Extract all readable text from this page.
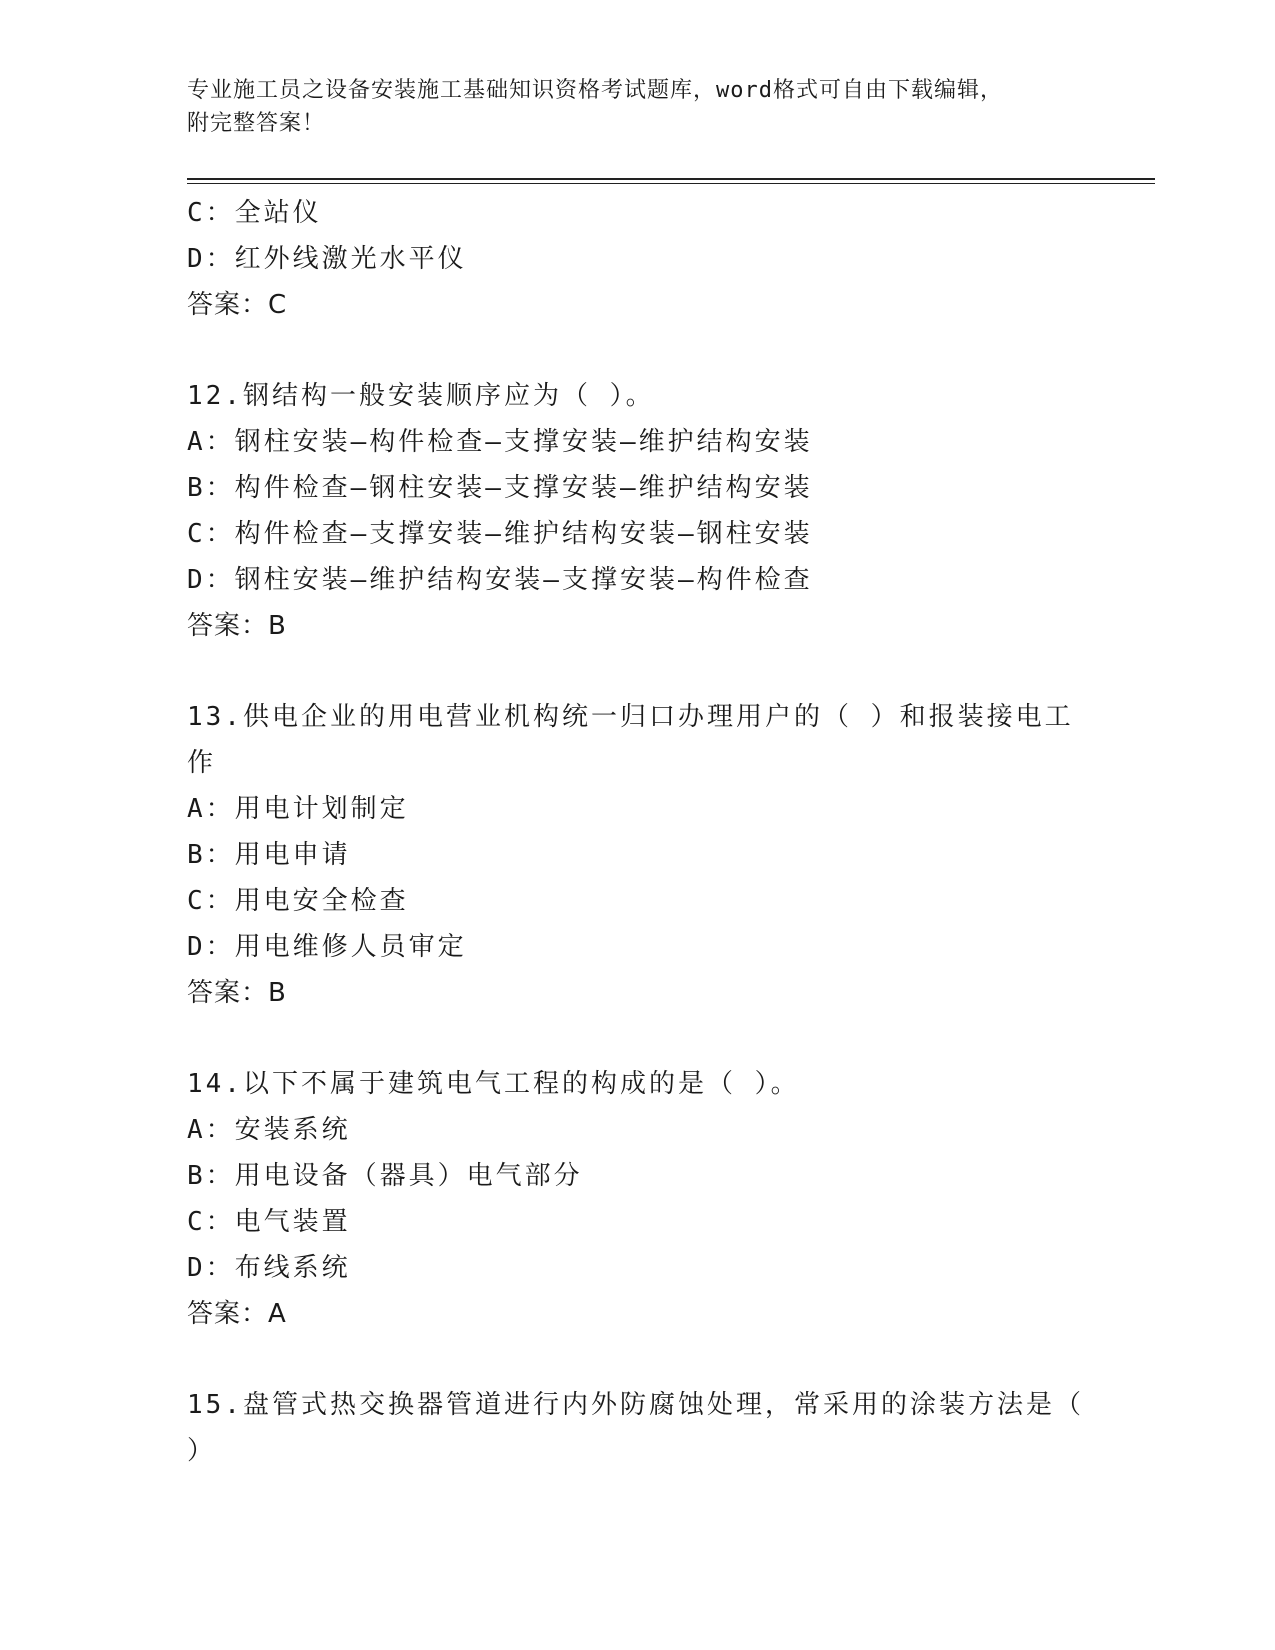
专业施工员之设备安装施工基础知识资格考试题库，word格式可自由下载编辑，
附完整答案！
C：全站仪
D：红外线激光水平仪
答案：C
12.钢结构一般安装顺序应为（ ）。
A：钢柱安装—构件检查—支撑安装—维护结构安装
B：构件检查—钢柱安装—支撑安装—维护结构安装
C：构件检查—支撑安装—维护结构安装—钢柱安装
D：钢柱安装—维护结构安装—支撑安装—构件检查
答案：B
13.供电企业的用电营业机构统一归口办理用户的（ ）和报装接电工
作
A：用电计划制定
B：用电申请
C：用电安全检查
D：用电维修人员审定
答案：B
14.以下不属于建筑电气工程的构成的是（ ）。
A：安装系统
B：用电设备（器具）电气部分
C：电气装置
D：布线系统
答案：A
15.盘管式热交换器管道进行内外防腐蚀处理，常采用的涂装方法是（
）
